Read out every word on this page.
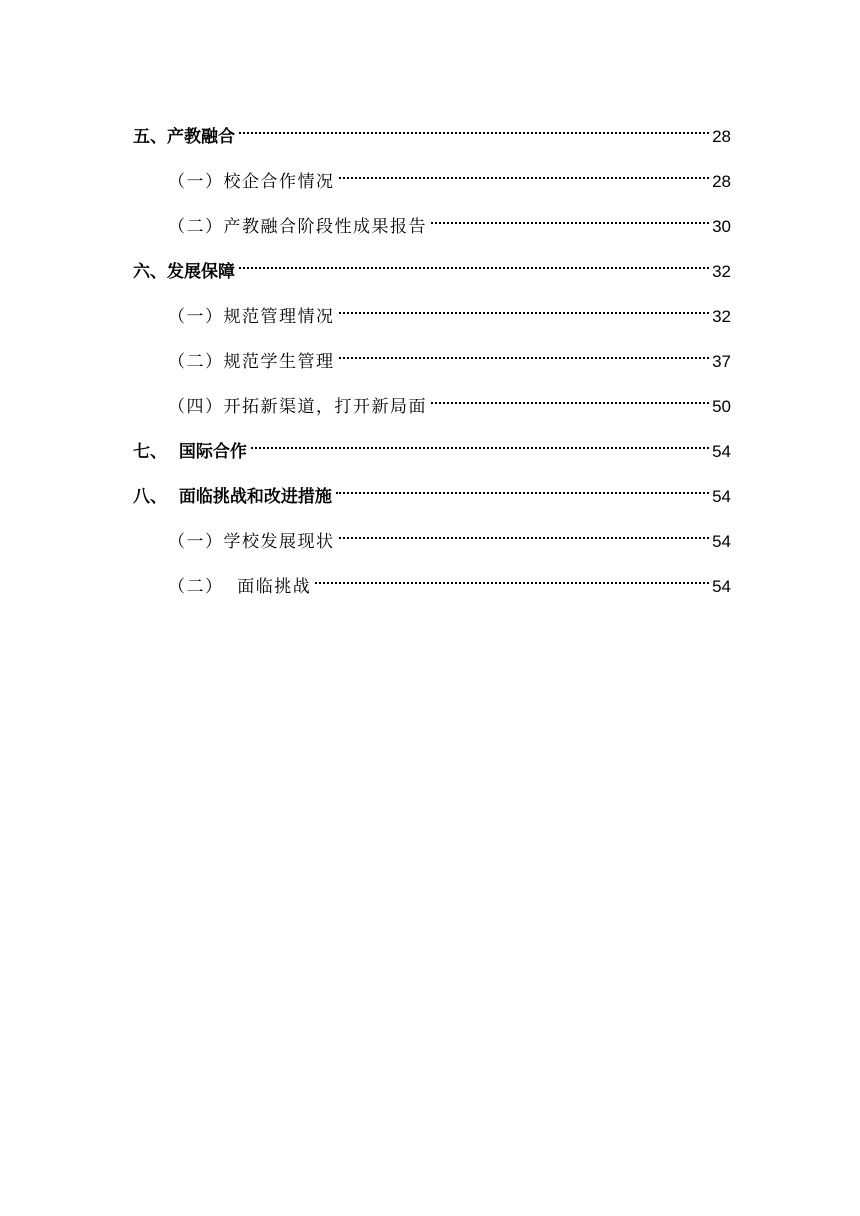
五、产教融合	28
（一）校企合作情况	28
（二）产教融合阶段性成果报告	30
六、发展保障	32
（一）规范管理情况	32
（二）规范学生管理	37
（四）开拓新渠道，打开新局面	50
七、  国际合作	54
八、  面临挑战和改进措施	54
（一）学校发展现状	54
（二）  面临挑战	54
